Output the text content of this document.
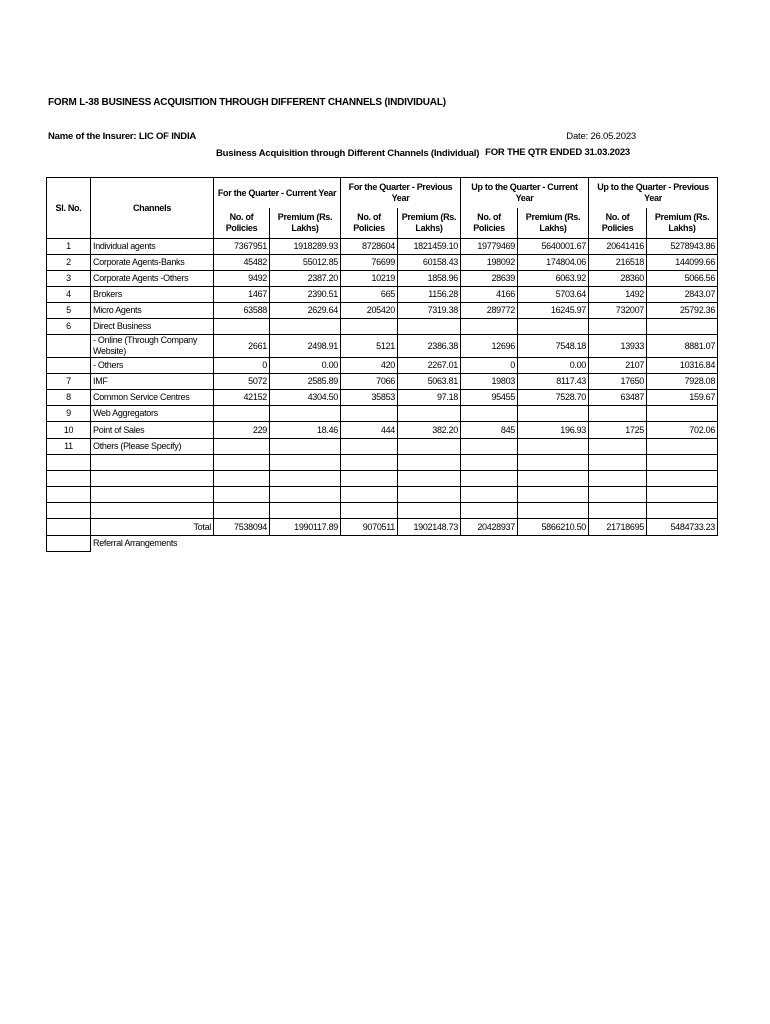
FORM L-38 BUSINESS ACQUISITION THROUGH DIFFERENT CHANNELS (INDIVIDUAL)
Name of the Insurer: LIC OF INDIA	Date: 26.05.2023
FOR THE QTR ENDED 31.03.2023
Business Acquisition through Different Channels (Individual)
Sl. No.	Channels	For the Quarter - Current Year		For the Quarter - Previous Year		Up to the Quarter - Current Year		Up to the Quarter - Previous Year	
		No. of Policies	Premium (Rs.
Lakhs)	No. of Policies	Premium (Rs.
Lakhs)	No. of Policies	Premium (Rs.
Lakhs)	No. of Policies	Premium (Rs.
Lakhs)
1	Individual agents	7367951	1918289.93	8728604	1821459.10	19779469	5640001.67	20641416	5278943.86
2	Corporate Agents-Banks	45482	55012.85	76699	60158.43	198092	174804.06	216518	144099.66
3	Corporate Agents -Others	9492	2387.20	10219	1858.96	28639	6063.92	28360	5066.56
4	Brokers	1467	2390.51	665	1156.28	4166	5703.64	1492	2843.07
5	Micro Agents	63588	2629.64	205420	7319.38	289772	16245.97	732007	25792.36
6	Direct Business								
	- Online (Through Company Website)	2661	2498.91	5121	2386.38	12696	7548.18	13933	8881.07
	- Others	0	0.00	420	2267.01	0	0.00	2107	10316.84
7	IMF	5072	2585.89	7066	5063.81	19803	8117.43	17650	7928.08
8	Common Service Centres	42152	4304.50	35853	97.18	95455	7528.70	63487	159.67
9	Web Aggregators								
10	Point of Sales	229	18.46	444	382.20	845	196.93	1725	702.06
11	Others (Please Specify)								

	Total	7538094	1990117.89	9070511	1902148.73	20428937	5866210.50	21718695	5484733.23
	Referral Arrangements								
